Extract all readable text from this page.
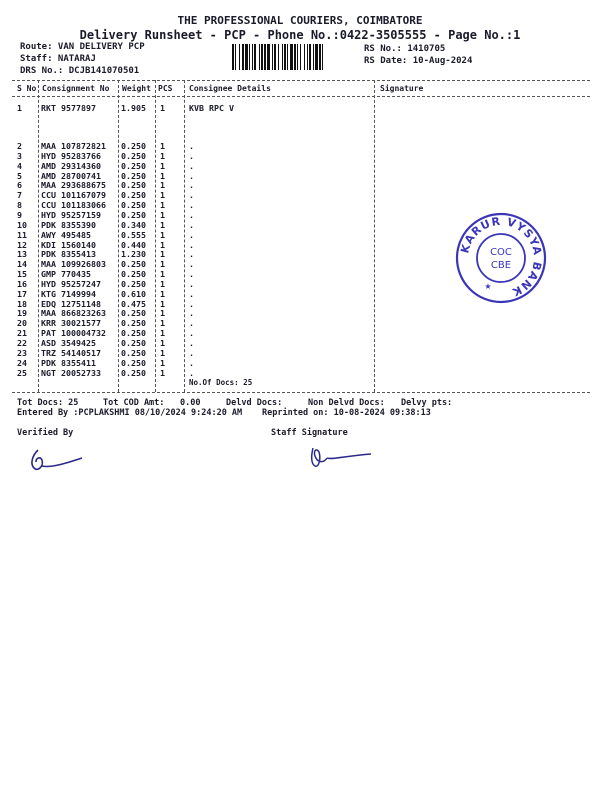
THE PROFESSIONAL COURIERS, COIMBATORE
Delivery Runsheet - PCP - Phone No.:0422-3505555 - Page No.:1
Route: VAN DELIVERY PCP
Staff: NATARAJ
DRS No.: DCJB141070501
RS No.: 1410705
RS Date: 10-Aug-2024
S No Consignment No Weight PCS Consignee Details	Signature
1 RKT 9577897	1.905 1	KVB RPC V
2 MAA 107872821 0.250 1	.
3 HYD 95283766 0.250 1	.
4 AMD 29314360 0.250 1	.
5 AMD 28700741 0.250 1	.
6 MAA 293688675 0.250 1	.
7 CCU 101167079 0.250 1	.
8 CCU 101183066 0.250 1	.
9 HYD 95257159 0.250 1	.
10 PDK 8355390	0.340 1	.
11 AWY 495485	0.555 1	.
12 KDI 1560140	0.440 1	.
13 PDK 8355413	1.230 1	.
14 MAA 109926803 0.250 1	.
15 GMP 770435	0.250 1	.
16 HYD 95257247 0.250 1	.
17 KTG 7149994	0.610 1	.
18 EDQ 12751148 0.475 1	.
19 MAA 866823263 0.250 1	.
20 KRR 30021577 0.250 1	.
21 PAT 100004732 0.250 1	.
22 ASD 3549425	0.250 1	.
23 TRZ 54140517 0.250 1	.
24 PDK 8355411	0.250 1	.
25 NGT 20052733 0.250 1	.
No.Of Docs: 25
Tot Docs: 25	Tot COD Amt: 0.00	Delvd Docs:	Non Delvd Docs: Delvy pts:
Entered By :PCPLAKSHMI 08/10/2024 9:24:20 AM Reprinted on: 10-08-2024 09:38:13
Verified By	Staff Signature
KARUR VYSYA BANK
COC
CBE
★
